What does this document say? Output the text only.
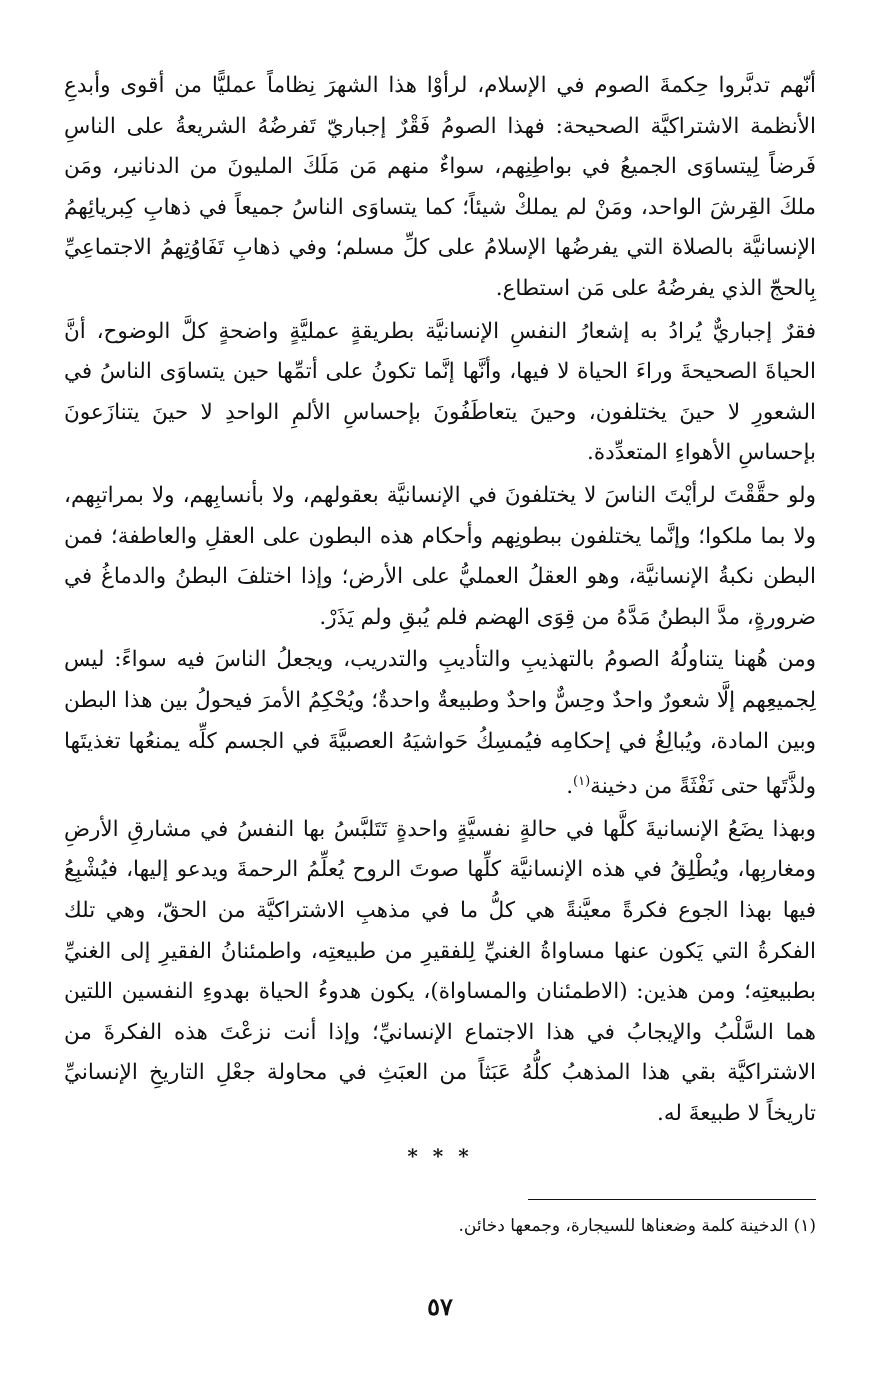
أنّهم تدبَّروا حِكمةَ الصوم في الإسلام، لرأوْا هذا الشهرَ نِظاماً عمليًّا من أقوى وأبدعِ الأنظمة الاشتراكيَّة الصحيحة: فهذا الصومُ فَقْرٌ إجباريّ تَفرضُهُ الشريعةُ على الناسِ فَرضاً لِيتساوَى الجميعُ في بواطِنِهم، سواءٌ منهم مَن مَلَكَ المليونَ من الدنانير، ومَن ملكَ القِرشَ الواحد، ومَنْ لم يملكْ شيئاً؛ كما يتساوَى الناسُ جميعاً في ذهابِ كِبريائِهمُ الإنسانيَّة بالصلاة التي يفرضُها الإسلامُ على كلِّ مسلم؛ وفي ذهابِ تَفَاوُتِهمُ الاجتماعِيِّ بِالحجّ الذي يفرضُهُ على مَن استطاع.

فقرٌ إجباريٌّ يُرادُ به إشعارُ النفسِ الإنسانيَّة بطريقةٍ عمليَّةٍ واضحةٍ كلَّ الوضوح، أنَّ الحياةَ الصحيحةَ وراءَ الحياة لا فيها، وأنَّها إنَّما تكونُ على أتمِّها حين يتساوَى الناسُ في الشعورِ لا حينَ يختلفون، وحينَ يتعاطَفُونَ بإحساسِ الألمِ الواحدِ لا حينَ يتنازَعونَ بإحساسِ الأهواءِ المتعدِّدة.

ولو حقَّقْتَ لرأيْتَ الناسَ لا يختلفونَ في الإنسانيَّة بعقولهم، ولا بأنسابِهم، ولا بمراتبِهم، ولا بما ملكوا؛ وإنَّما يختلفون ببطونِهم وأحكام هذه البطون على العقلِ والعاطفة؛ فمن البطن نكبةُ الإنسانيَّة، وهو العقلُ العمليُّ على الأرض؛ وإذا اختلفَ البطنُ والدماغُ في ضرورةٍ، مدَّ البطنُ مَدَّهُ من قِوَى الهضم فلم يُبقِ ولم يَذَرْ.

ومن هُهنا يتناولُهُ الصومُ بالتهذيبِ والتأديبِ والتدريب، ويجعلُ الناسَ فيه سواءً: ليس لِجميعِهم إلَّا شعورٌ واحدٌ وحِسٌّ واحدٌ وطبيعةٌ واحدةٌ؛ ويُحْكِمُ الأمرَ فيحولُ بين هذا البطن وبين المادة، ويُبالِغُ في إحكامِه فيُمسِكُ حَواشيَهُ العصبيَّةَ في الجسم كلِّه يمنعُها تغذيتَها ولذَّتَها حتى نَفْثَةً من دخينة$^{(١)}$.

وبهذا يضَعُ الإنسانيةَ كلَّها في حالةٍ نفسيَّةٍ واحدةٍ تَتَلبَّسُ بها النفسُ في مشارقِ الأرضِ ومغاربِها، ويُطْلِقُ في هذه الإنسانيَّة كلِّها صوتَ الروح يُعلِّمُ الرحمةَ ويدعو إليها، فيُشْبِعُ فيها بهذا الجوع فكرةً معيَّنةً هي كلُّ ما في مذهبِ الاشتراكيَّة من الحقّ، وهي تلك الفكرةُ التي يَكون عنها مساواةُ الغنيِّ لِلفقيرِ من طبيعتِه، واطمئنانُ الفقيرِ إلى الغنيِّ بطبيعتِه؛ ومن هذين: (الاطمئنان والمساواة)، يكون هدوءُ الحياة بهدوءِ النفسين اللتين هما السَّلْبُ والإيجابُ في هذا الاجتماع الإنسانيِّ؛ وإذا أنت نزعْتَ هذه الفكرةَ من الاشتراكيَّة بقي هذا المذهبُ كلُّهُ عَبَثاً من العبَثِ في محاولة جعْلِ التاريخِ الإنسانيِّ تاريخاً لا طبيعةَ له.

* * *

(١) الدخينة كلمة وضعناها للسيجارة، وجمعها دخائن.

٥٧
